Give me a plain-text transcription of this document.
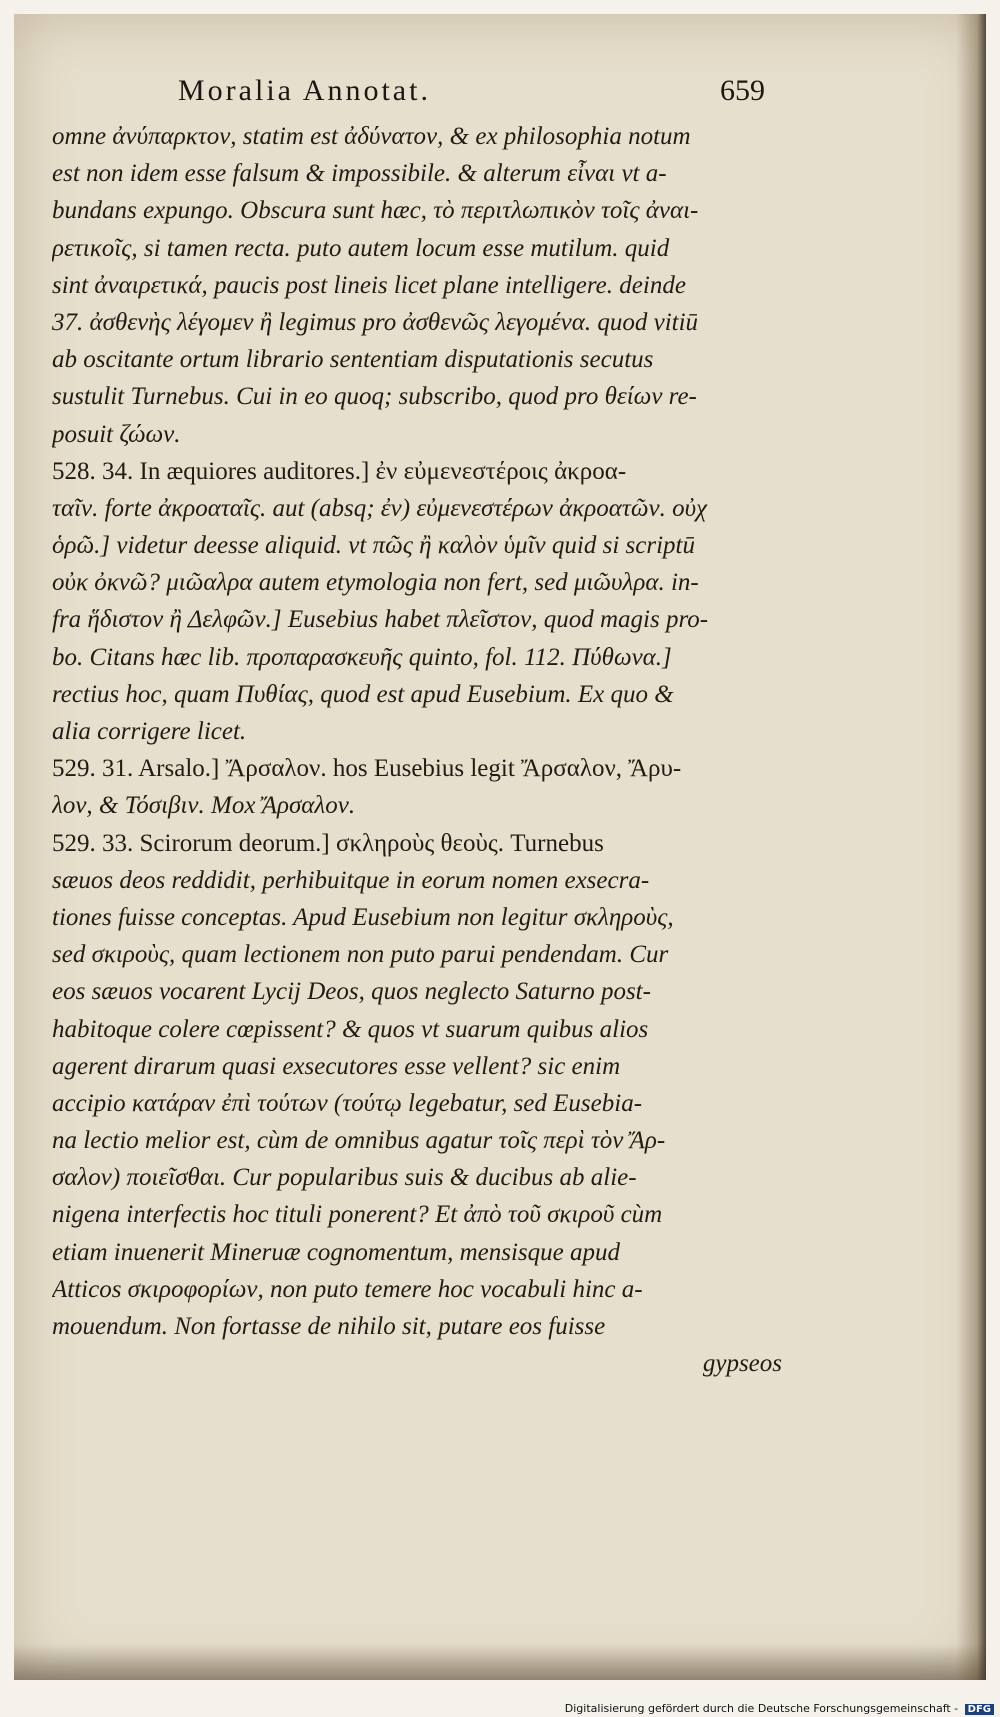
Moralia Annotat.	659
omne ἀνύπαρκτον, statim est ἀδύνατον, & ex philosophia notum
est non idem esse falsum & impossibile. & alterum εἶναι vt a-
bundans expungo. Obscura sunt hæc, τὸ περιτλωπικὸν τοῖς ἀναι-
ρετικοῖς, si tamen recta. puto autem locum esse mutilum. quid
sint ἀναιρετικά, paucis post lineis licet plane intelligere. deinde
37. ἀσθενὴς λέγομεν ἢ legimus pro ἀσθενῶς λεγομένα. quod vitiū
ab oscitante ortum librario sententiam disputationis secutus
sustulit Turnebus. Cui in eo quoq; subscribo, quod pro θείων re-
posuit ζώων.
528. 34. In æquiores auditores.] ἐν εὐμενεστέροις ἀκροα-
ταῖν. forte ἀκροαταῖς. aut (absq; ἐν) εὐμενεστέρων ἀκροατῶν. οὐχ
ὁρῶ.] videtur deesse aliquid. vt πῶς ἢ καλὸν ὑμῖν quid si scriptū
οὐκ ὀκνῶ? μιῶαλρα autem etymologia non fert, sed μιῶυλρα. in-
fra ἥδιστον ἢ Δελφῶν.] Eusebius habet πλεῖστον, quod magis pro-
bo. Citans hæc lib. προπαρασκευῆς quinto, fol. 112. Πύθωνα.]
rectius hoc, quam Πυθίας, quod est apud Eusebium. Ex quo &
alia corrigere licet.
529. 31. Arsalo.] Ἄρσαλον. hos Eusebius legit Ἄρσαλον, Ἄρυ-
λον, & Τόσιβιν. Mox Ἄρσαλον.
529. 33. Scirorum deorum.] σκληροὺς θεοὺς. Turnebus
sæuos deos reddidit, perhibuitque in eorum nomen exsecra-
tiones fuisse conceptas. Apud Eusebium non legitur σκληροὺς,
sed σκιροὺς, quam lectionem non puto parui pendendam. Cur
eos sæuos vocarent Lycij Deos, quos neglecto Saturno post-
habitoque colere cœpissent? & quos vt suarum quibus alios
agerent dirarum quasi exsecutores esse vellent? sic enim
accipio κατάραν ἐπὶ τούτων (τούτῳ legebatur, sed Eusebia-
na lectio melior est, cùm de omnibus agatur τοῖς περὶ τὸν Ἄρ-
σαλον) ποιεῖσθαι. Cur popularibus suis & ducibus ab alie-
nigena interfectis hoc tituli ponerent? Et ἀπὸ τοῦ σκιροῦ cùm
etiam inuenerit Mineruæ cognomentum, mensisque apud
Atticos σκιροφορίων, non puto temere hoc vocabuli hinc a-
mouendum. Non fortasse de nihilo sit, putare eos fuisse
gypseos
Digitalisierung gefördert durch die Deutsche Forschungsgemeinschaft - DFG
